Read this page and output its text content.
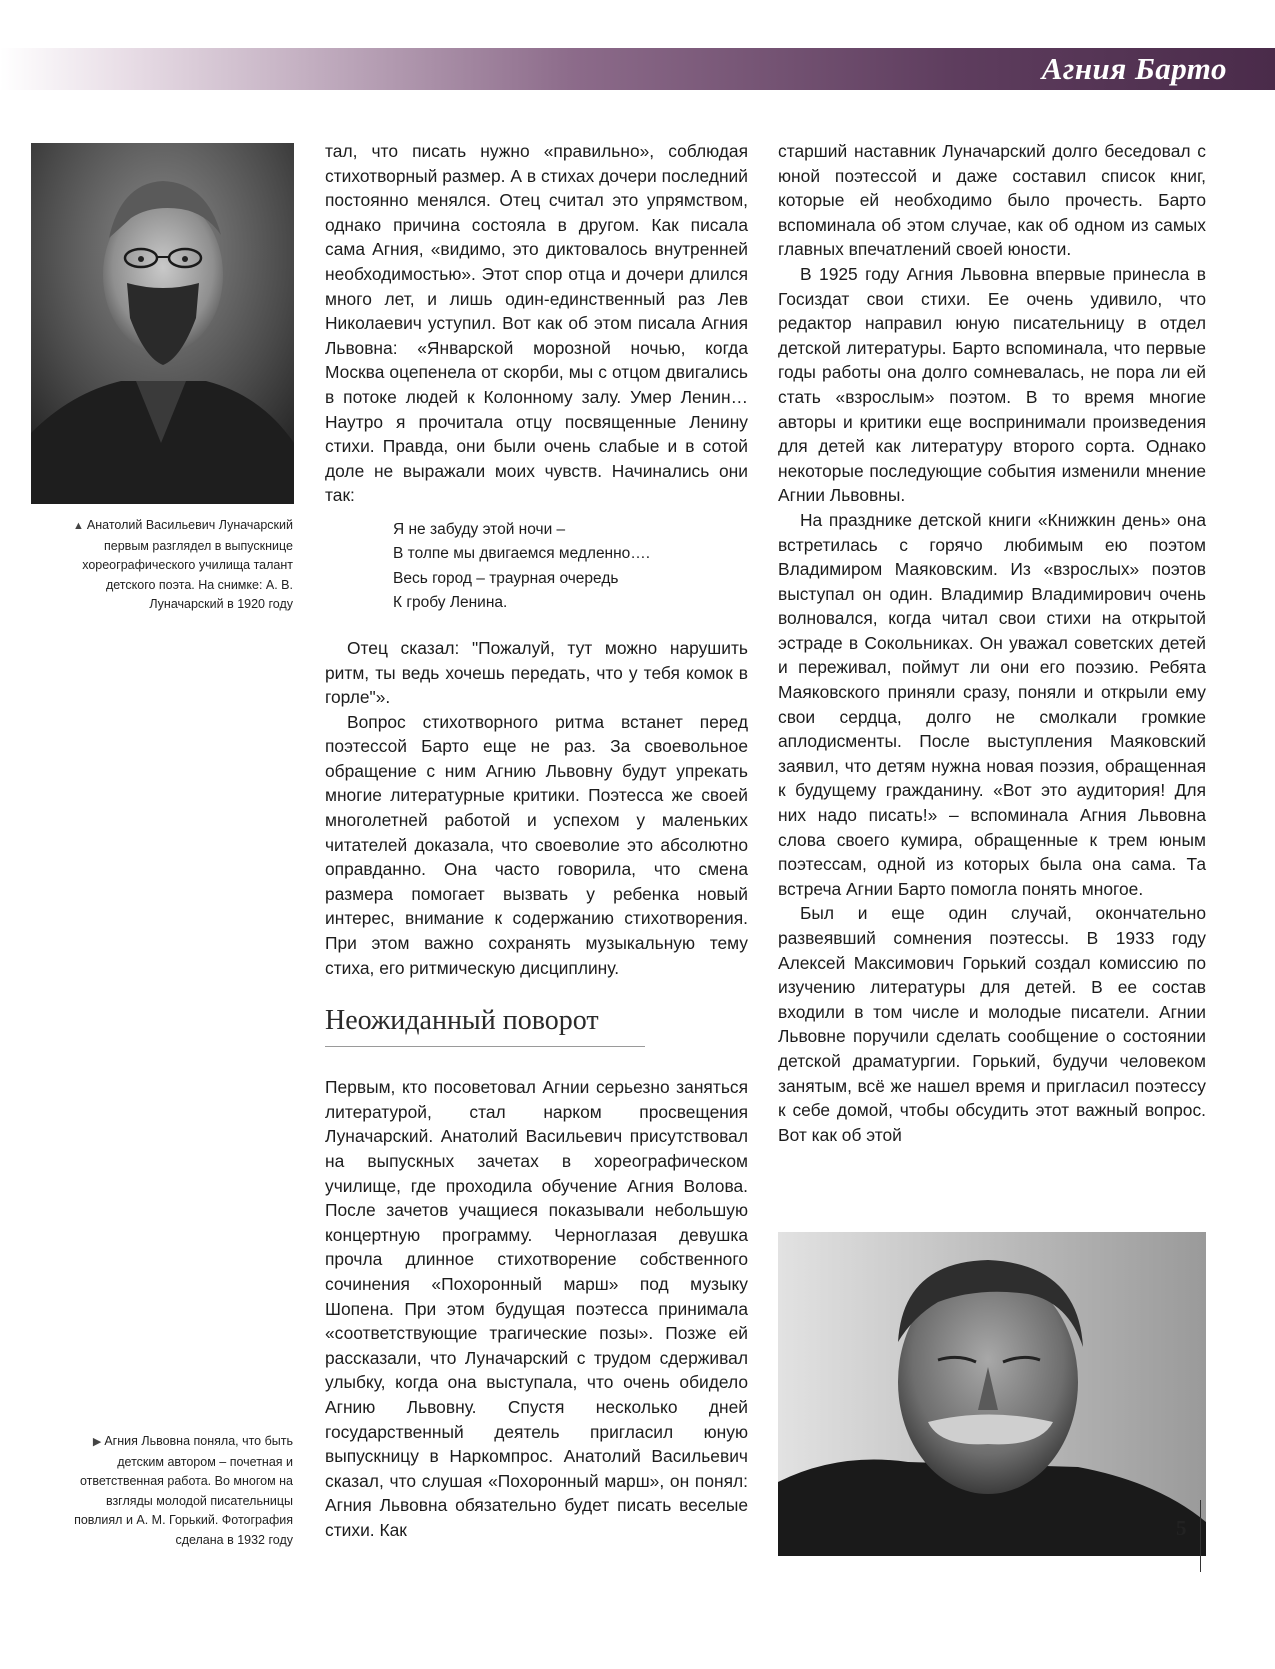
Агния Барто
▲ Анатолий Васильевич Луначарский первым разглядел в выпускнице хореографического училища талант детского поэта. На снимке: А. В. Луначарский в 1920 году
▶ Агния Львовна поняла, что быть детским автором – почетная и ответственная работа. Во многом на взгляды молодой писательницы повлиял и А. М. Горький. Фотография сделана в 1932 году

тал, что писать нужно «правильно», соблюдая стихотворный размер. А в стихах дочери последний постоянно менялся. Отец считал это упрямством, однако причина состояла в другом. Как писала сама Агния, «видимо, это диктовалось внутренней необходимостью». Этот спор отца и дочери длился много лет, и лишь один-единственный раз Лев Николаевич уступил. Вот как об этом писала Агния Львовна: «Январской морозной ночью, когда Москва оцепенела от скорби, мы с отцом двигались в потоке людей к Колонному залу. Умер Ленин… Наутро я прочитала отцу посвященные Ленину стихи. Правда, они были очень слабые и в сотой доле не выражали моих чувств. Начинались они так:

Я не забуду этой ночи –
В толпе мы двигаемся медленно….
Весь город – траурная очередь
К гробу Ленина.

Отец сказал: "Пожалуй, тут можно нарушить ритм, ты ведь хочешь передать, что у тебя комок в горле"».

Вопрос стихотворного ритма встанет перед поэтессой Барто еще не раз. За своевольное обращение с ним Агнию Львовну будут упрекать многие литературные критики. Поэтесса же своей многолетней работой и успехом у маленьких читателей доказала, что своеволие это абсолютно оправданно. Она часто говорила, что смена размера помогает вызвать у ребенка новый интерес, внимание к содержанию стихотворения. При этом важно сохранять музыкальную тему стиха, его ритмическую дисциплину.

Неожиданный поворот

Первым, кто посоветовал Агнии серьезно заняться литературой, стал нарком просвещения Луначарский. Анатолий Васильевич присутствовал на выпускных зачетах в хореографическом училище, где проходила обучение Агния Волова. После зачетов учащиеся показывали небольшую концертную программу. Черноглазая девушка прочла длинное стихотворение собственного сочинения «Похоронный марш» под музыку Шопена. При этом будущая поэтесса принимала «соответствующие трагические позы». Позже ей рассказали, что Луначарский с трудом сдерживал улыбку, когда она выступала, что очень обидело Агнию Львовну. Спустя несколько дней государственный деятель пригласил юную выпускницу в Наркомпрос. Анатолий Васильевич сказал, что слушая «Похоронный марш», он понял: Агния Львовна обязательно будет писать веселые стихи. Как

старший наставник Луначарский долго беседовал с юной поэтессой и даже составил список книг, которые ей необходимо было прочесть. Барто вспоминала об этом случае, как об одном из самых главных впечатлений своей юности.

В 1925 году Агния Львовна впервые принесла в Госиздат свои стихи. Ее очень удивило, что редактор направил юную писательницу в отдел детской литературы. Барто вспоминала, что первые годы работы она долго сомневалась, не пора ли ей стать «взрослым» поэтом. В то время многие авторы и критики еще воспринимали произведения для детей как литературу второго сорта. Однако некоторые последующие события изменили мнение Агнии Львовны.

На празднике детской книги «Книжкин день» она встретилась с горячо любимым ею поэтом Владимиром Маяковским. Из «взрослых» поэтов выступал он один. Владимир Владимирович очень волновался, когда читал свои стихи на открытой эстраде в Сокольниках. Он уважал советских детей и переживал, поймут ли они его поэзию. Ребята Маяковского приняли сразу, поняли и открыли ему свои сердца, долго не смолкали громкие аплодисменты. После выступления Маяковский заявил, что детям нужна новая поэзия, обращенная к будущему гражданину. «Вот это аудитория! Для них надо писать!» – вспоминала Агния Львовна слова своего кумира, обращенные к трем юным поэтессам, одной из которых была она сама. Та встреча Агнии Барто помогла понять многое.

Был и еще один случай, окончательно развеявший сомнения поэтессы. В 1933 году Алексей Максимович Горький создал комиссию по изучению литературы для детей. В ее состав входили в том числе и молодые писатели. Агнии Львовне поручили сделать сообщение о состоянии детской драматургии. Горький, будучи человеком занятым, всё же нашел время и пригласил поэтессу к себе домой, чтобы обсудить этот важный вопрос. Вот как об этой

5
